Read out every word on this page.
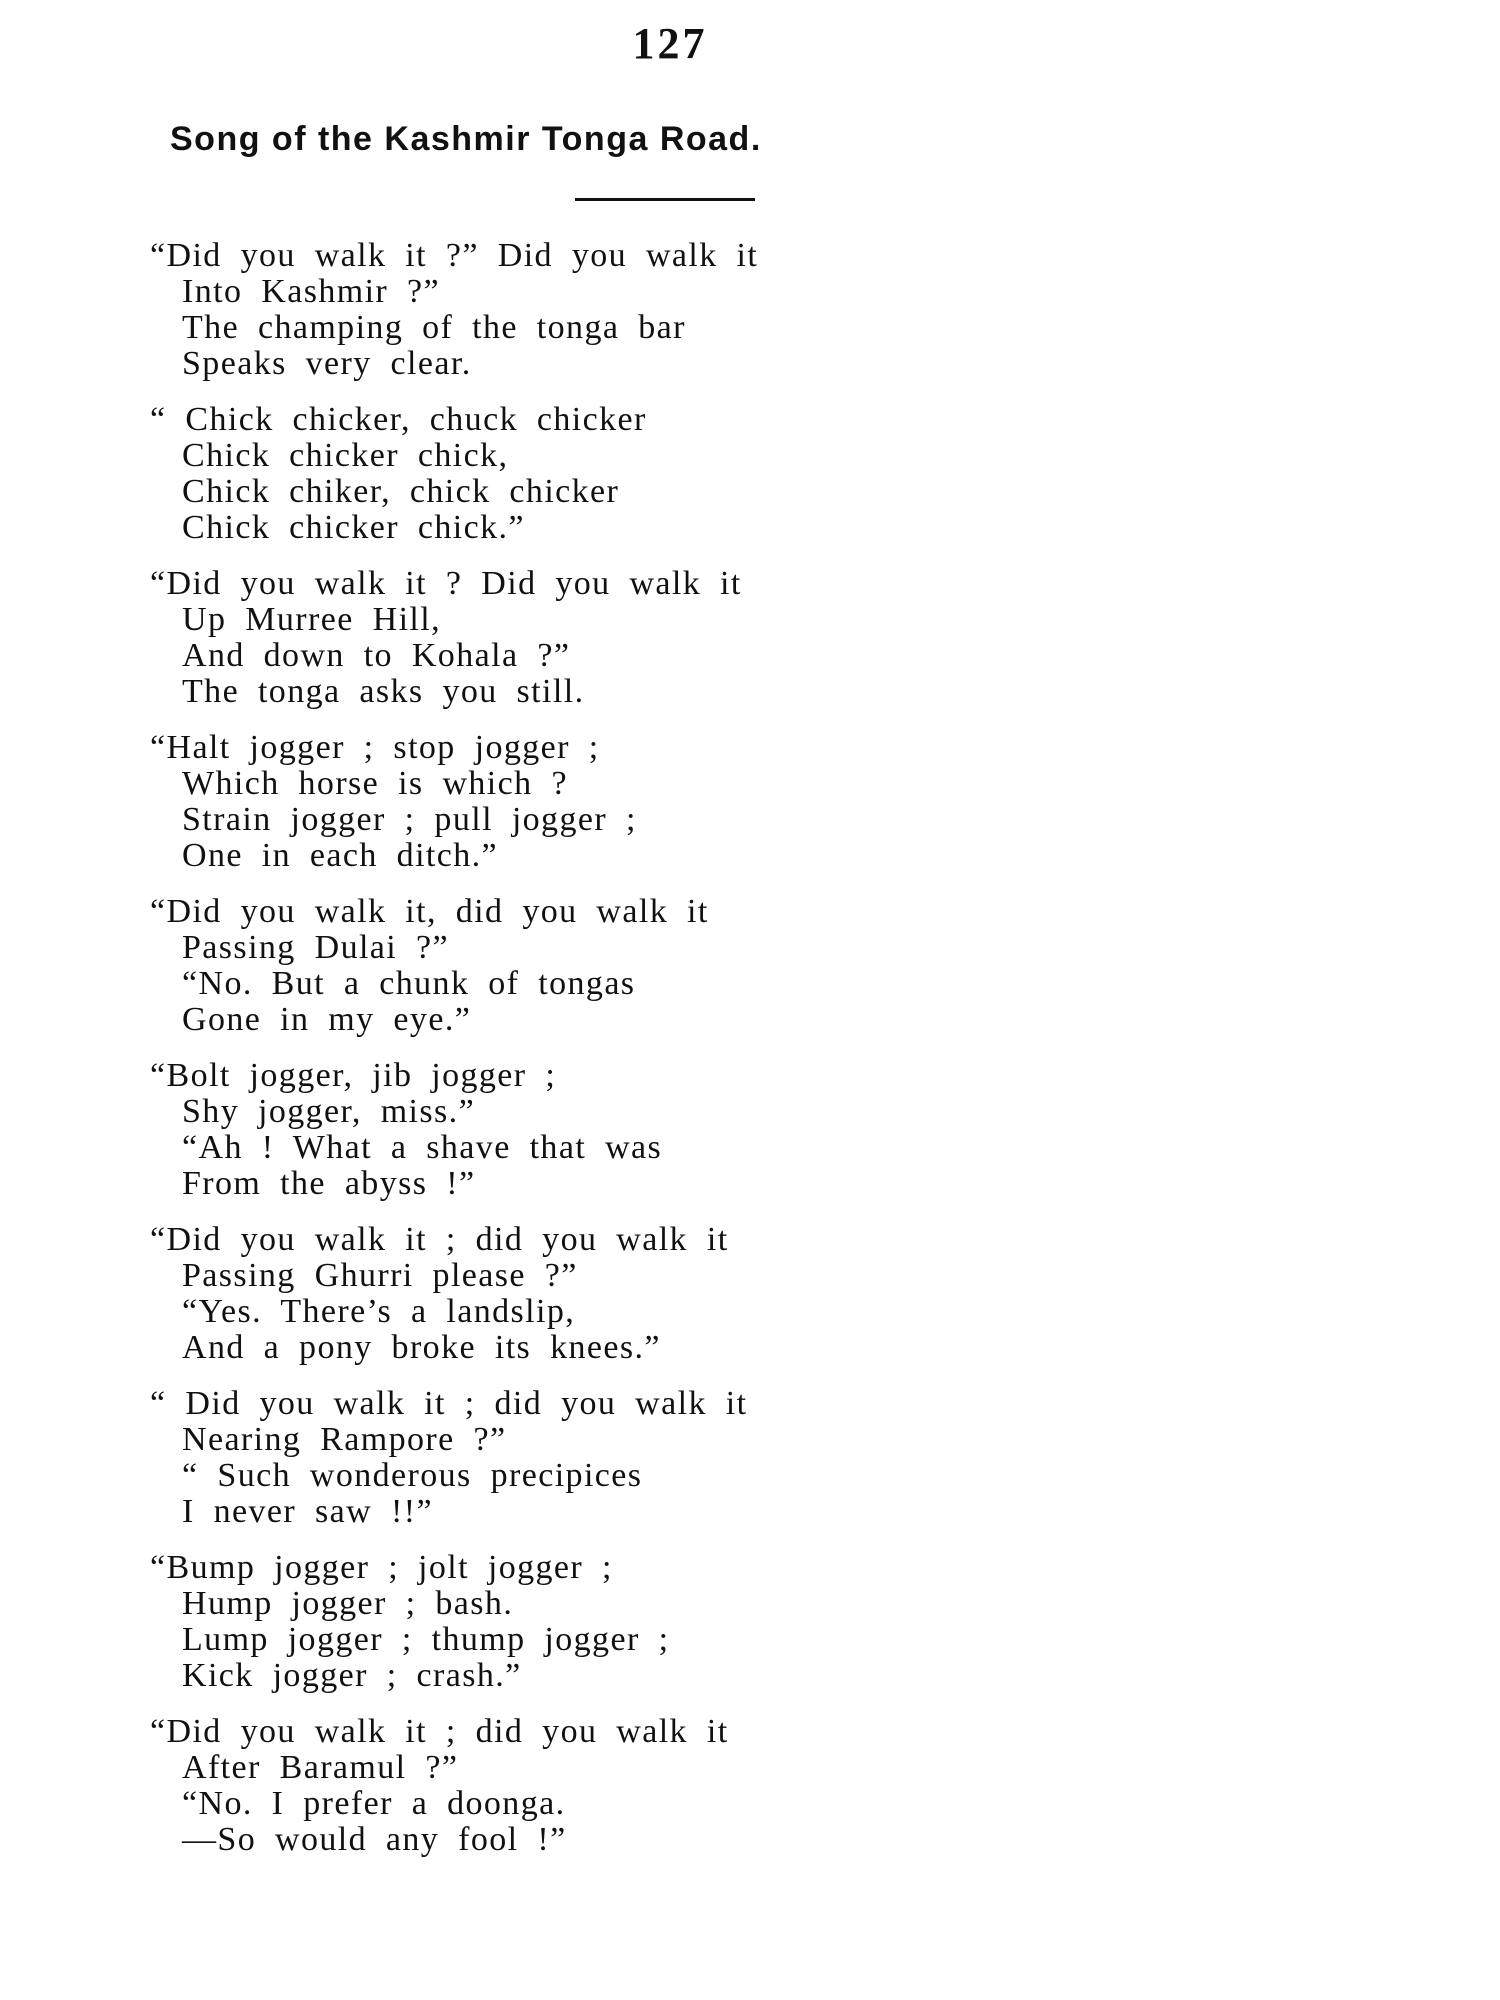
127
Song of the Kashmir Tonga Road.
“Did you walk it ?” Did you walk it
Into Kashmir ?”
The champing of the tonga bar
Speaks very clear.
“ Chick chicker, chuck chicker
Chick chicker chick,
Chick chiker, chick chicker
Chick chicker chick.”
“Did you walk it ? Did you walk it
Up Murree Hill,
And down to Kohala ?”
The tonga asks you still.
“Halt jogger ; stop jogger ;
Which horse is which ?
Strain jogger ; pull jogger ;
One in each ditch.”
“Did you walk it, did you walk it
Passing Dulai ?”
“No. But a chunk of tongas
Gone in my eye.”
“Bolt jogger, jib jogger ;
Shy jogger, miss.”
“Ah ! What a shave that was
From the abyss !”
“Did you walk it ; did you walk it
Passing Ghurri please ?”
“Yes. There’s a landslip,
And a pony broke its knees.”
“ Did you walk it ; did you walk it
Nearing Rampore ?”
“ Such wonderous precipices
I never saw !!”
“Bump jogger ; jolt jogger ;
Hump jogger ; bash.
Lump jogger ; thump jogger ;
Kick jogger ; crash.”
“Did you walk it ; did you walk it
After Baramul ?”
“No. I prefer a doonga.
—So would any fool !”
